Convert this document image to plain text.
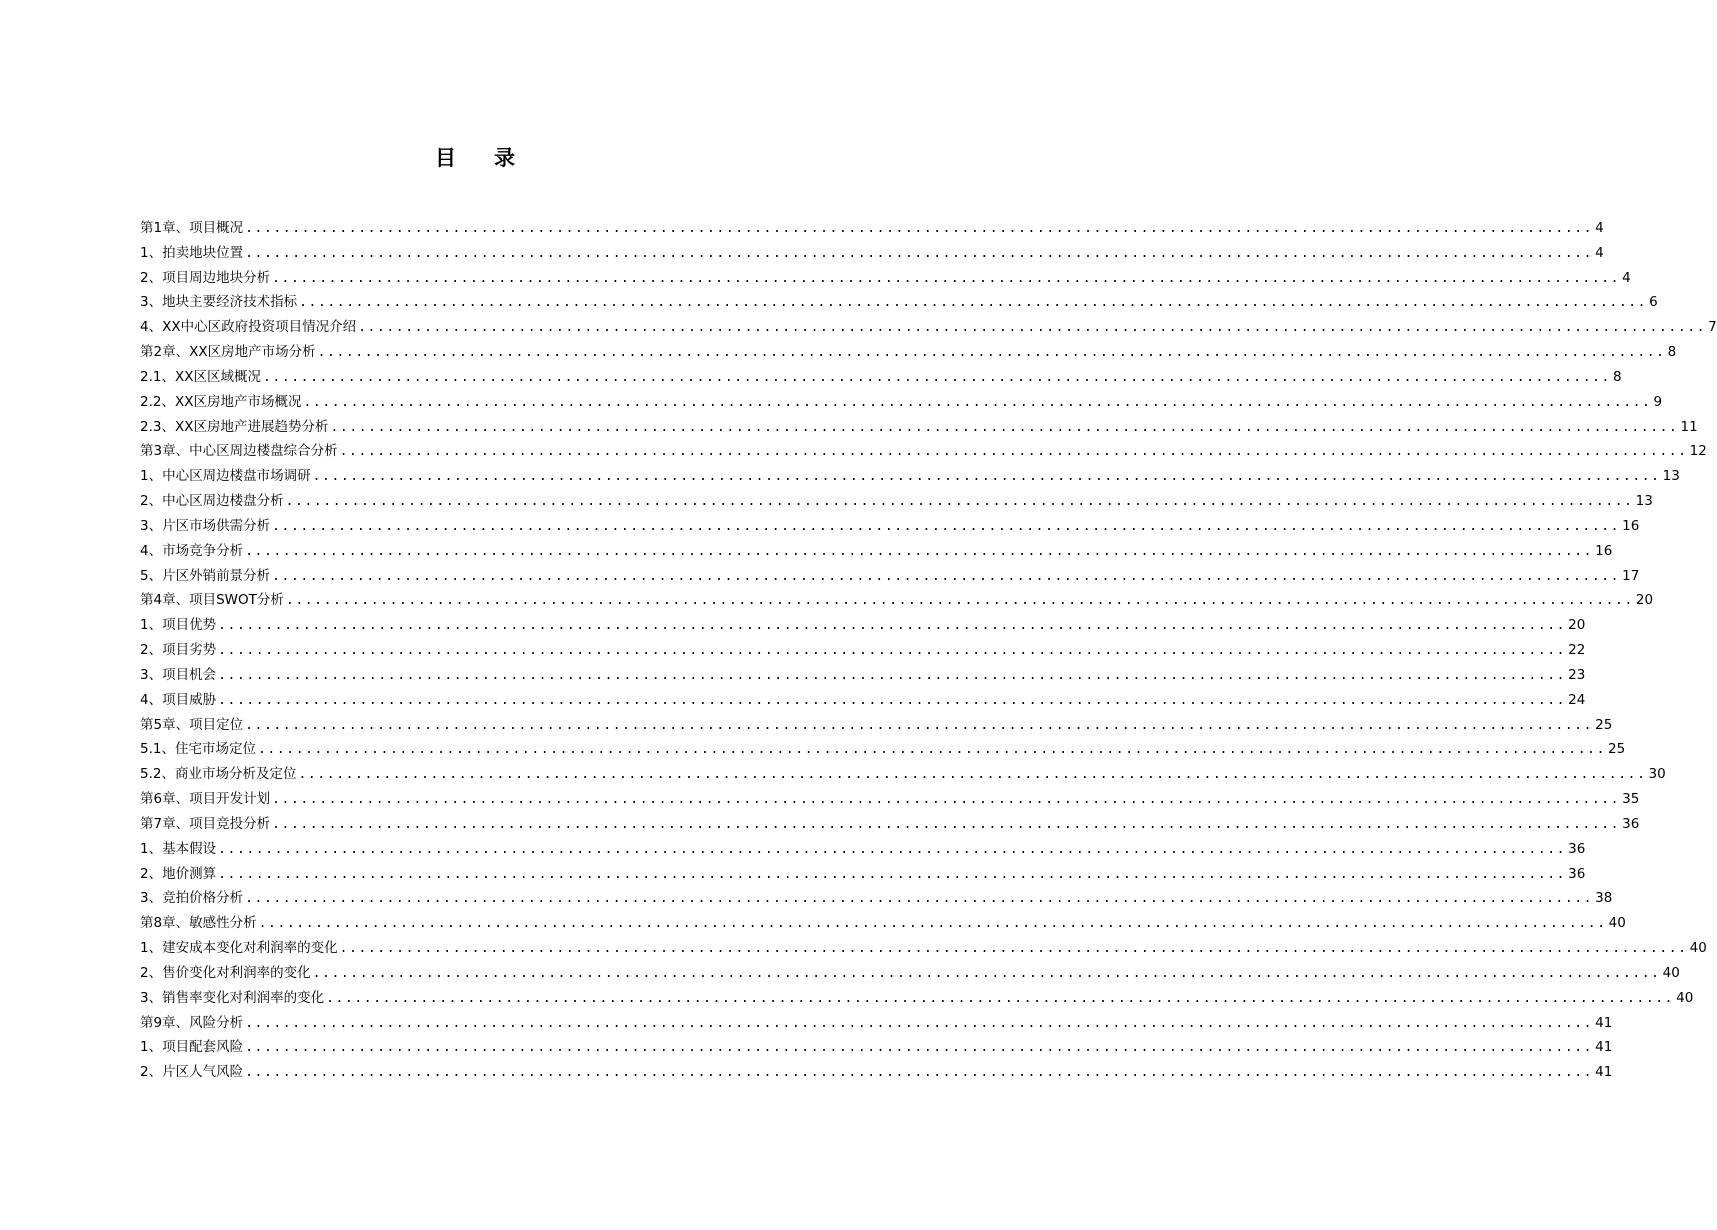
目录
第1章、项目概况 ............................................................................................................................................... 4
1、拍卖地块位置 ............................................................................................................................................... 4
2、项目周边地块分析 ............................................................................................................................................... 4
3、地块主要经济技术指标 ............................................................................................................................................... 6
4、XX中心区政府投资项目情况介绍 ............................................................................................................................................... 7
第2章、XX区房地产市场分析 ............................................................................................................................................... 8
2.1、XX区区域概况 ............................................................................................................................................... 8
2.2、XX区房地产市场概况 ............................................................................................................................................... 9
2.3、XX区房地产进展趋势分析 ............................................................................................................................................... 11
第3章、中心区周边楼盘综合分析 ............................................................................................................................................... 12
1、中心区周边楼盘市场调研 ............................................................................................................................................... 13
2、中心区周边楼盘分析 ............................................................................................................................................... 13
3、片区市场供需分析 ............................................................................................................................................... 16
4、市场竞争分析 ............................................................................................................................................... 16
5、片区外销前景分析 ............................................................................................................................................... 17
第4章、项目SWOT分析 ............................................................................................................................................... 20
1、项目优势 ............................................................................................................................................... 20
2、项目劣势 ............................................................................................................................................... 22
3、项目机会 ............................................................................................................................................... 23
4、项目威胁 ............................................................................................................................................... 24
第5章、项目定位 ............................................................................................................................................... 25
5.1、住宅市场定位 ............................................................................................................................................... 25
5.2、商业市场分析及定位 ............................................................................................................................................... 30
第6章、项目开发计划 ............................................................................................................................................... 35
第7章、项目竞投分析 ............................................................................................................................................... 36
1、基本假设 ............................................................................................................................................... 36
2、地价测算 ............................................................................................................................................... 36
3、竞拍价格分析 ............................................................................................................................................... 38
第8章、敏感性分析 ............................................................................................................................................... 40
1、建安成本变化对利润率的变化 ............................................................................................................................................... 40
2、售价变化对利润率的变化 ............................................................................................................................................... 40
3、销售率变化对利润率的变化 ............................................................................................................................................... 40
第9章、风险分析 ............................................................................................................................................... 41
1、项目配套风险 ............................................................................................................................................... 41
2、片区人气风险 ............................................................................................................................................... 41
